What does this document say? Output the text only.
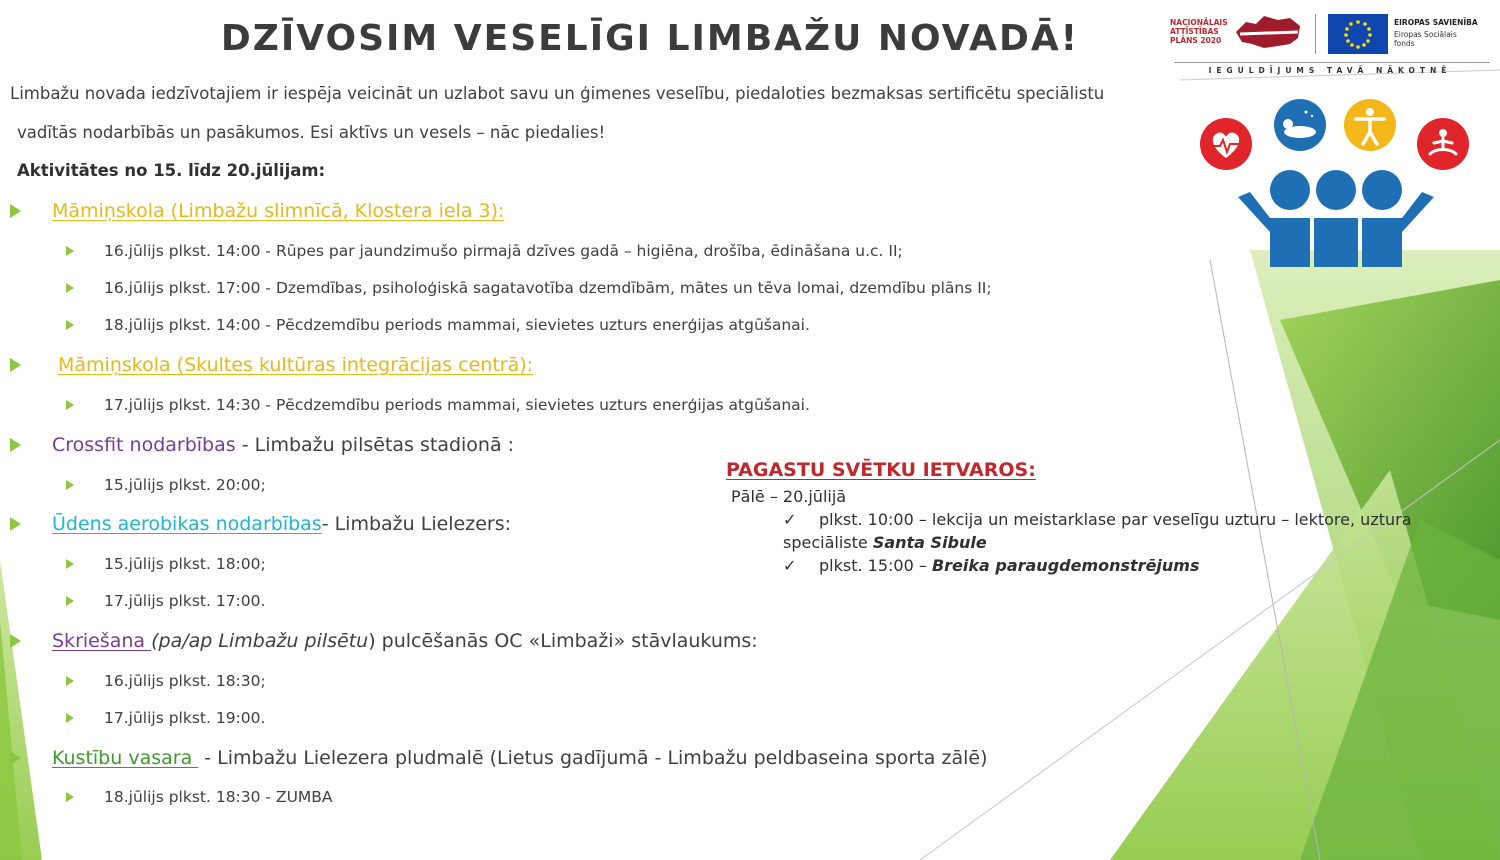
NACIONĀLAIS ATTĪSTĪBAS PLĀNS 2020
EIROPAS SAVIENĪBA
Eiropas Sociālais fonds
IEGULDĪJUMS TAVĀ NĀKOTNĒ
DZĪVOSIM VESELĪGI LIMBAŽU NOVADĀ!
Limbažu novada iedzīvotajiem ir iespēja veicināt un uzlabot savu un ģimenes veselību, piedaloties bezmaksas sertificētu speciālistu
vadītās nodarbībās un pasākumos. Esi aktīvs un vesels – nāc piedalies!
Aktivitātes no 15. līdz 20.jūlijam:
Māmiņskola (Limbažu slimnīcā, Klostera iela 3):
16.jūlijs plkst. 14:00 - Rūpes par jaundzimušo pirmajā dzīves gadā – higiēna, drošība, ēdināšana u.c. II;
16.jūlijs plkst. 17:00 - Dzemdības, psiholoģiskā sagatavotība dzemdībām, mātes un tēva lomai, dzemdību plāns II;
18.jūlijs plkst. 14:00 - Pēcdzemdību periods mammai, sievietes uzturs enerģijas atgūšanai.
Māmiņskola (Skultes kultūras integrācijas centrā):
17.jūlijs plkst. 14:30 - Pēcdzemdību periods mammai, sievietes uzturs enerģijas atgūšanai.
Crossfit nodarbības - Limbažu pilsētas stadionā :
15.jūlijs plkst. 20:00;
Ūdens aerobikas nodarbības - Limbažu Lielezers:
15.jūlijs plkst. 18:00;
17.jūlijs plkst. 17:00.
Skriešana (pa/ap Limbažu pilsētu ) pulcēšanās OC «Limbaži» stāvlaukums:
16.jūlijs plkst. 18:30;
17.jūlijs plkst. 19:00.
Kustību vasara - Limbažu Lielezera pludmalē (Lietus gadījumā - Limbažu peldbaseina sporta zālē)
18.jūlijs plkst. 18:30 - ZUMBA
PAGASTU SVĒTKU IETVAROS:
Pālē – 20.jūlijā
✓ plkst. 10:00 – lekcija un meistarklase par veselīgu uzturu – lektore, uztura
speciāliste Santa Sibule
✓ plkst. 15:00 – Breika paraugdemonstrējums
